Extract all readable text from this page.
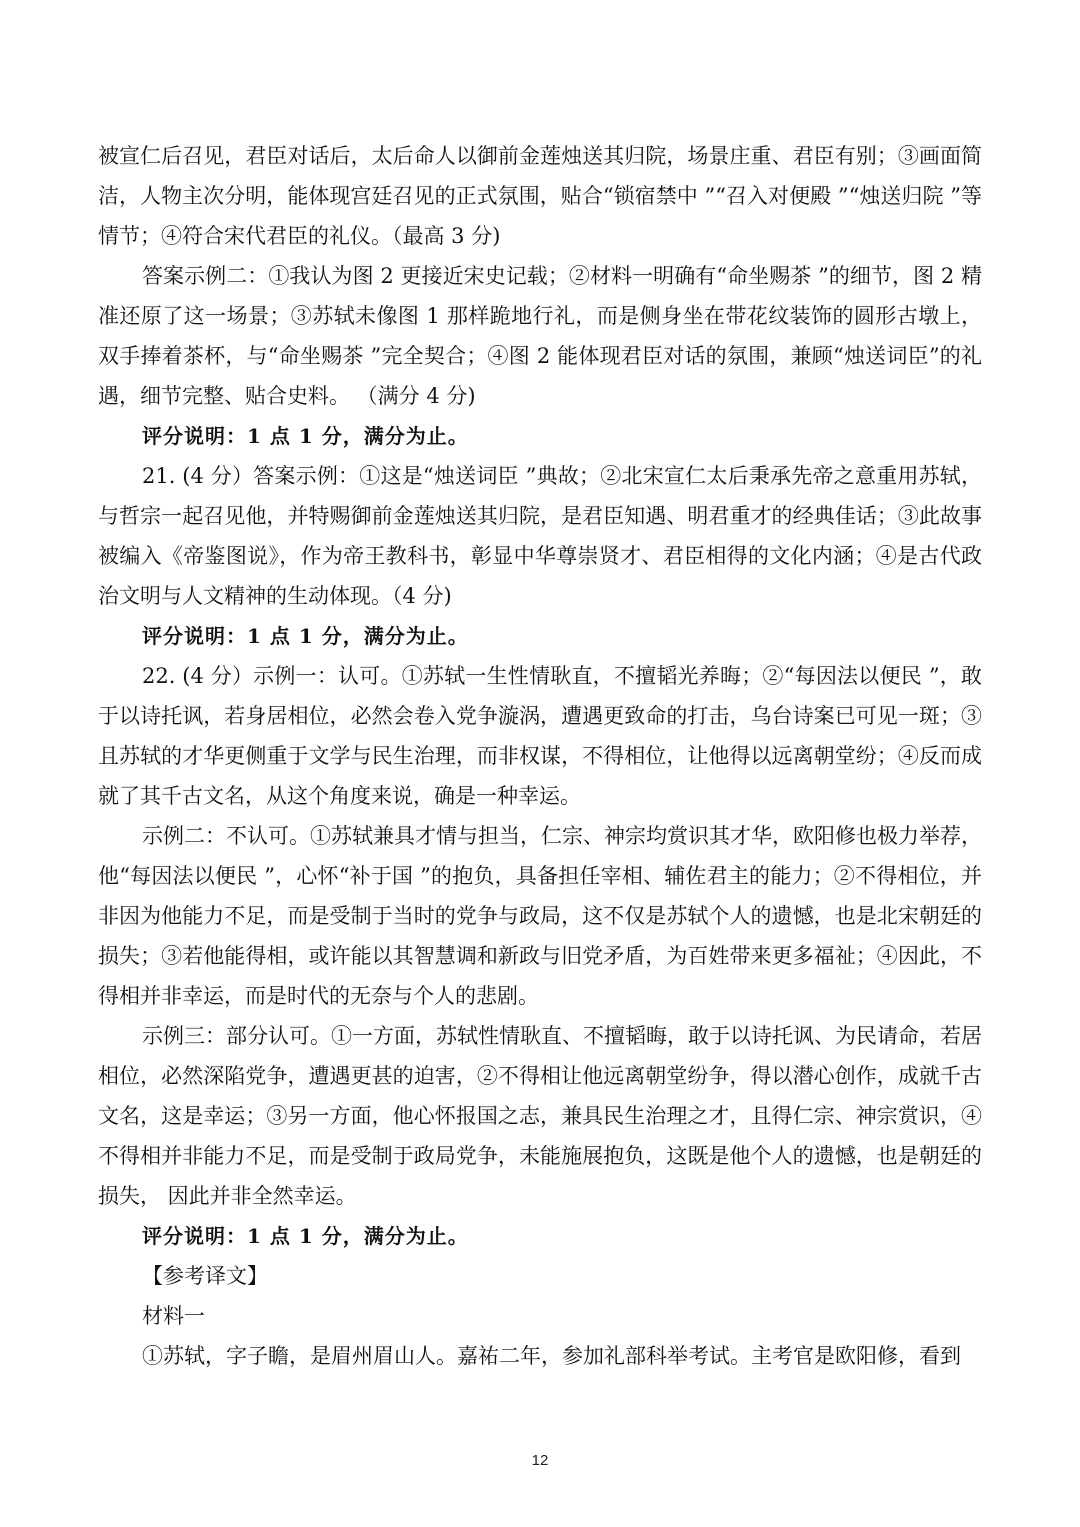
被宣仁后召见，君臣对话后，太后命人以御前金莲烛送其归院，场景庄重、君臣有别；③画面简洁，人物主次分明，能体现宫廷召见的正式氛围，贴合“锁宿禁中 ”“召入对便殿 ”“烛送归院 ”等情节；④符合宋代君臣的礼仪。（最高 3 分)

答案示例二：①我认为图 2 更接近宋史记载；②材料一明确有“命坐赐茶 ”的细节，图 2 精准还原了这一场景；③苏轼未像图 1 那样跪地行礼，而是侧身坐在带花纹装饰的圆形古墩上，双手捧着茶杯，与“命坐赐茶 ”完全契合；④图 2 能体现君臣对话的氛围，兼顾“烛送词臣”的礼遇，细节完整、贴合史料。 （满分 4 分)

评分说明：1 点 1 分，满分为止。

21. (4 分）答案示例：①这是“烛送词臣 ”典故；②北宋宣仁太后秉承先帝之意重用苏轼，与哲宗一起召见他，并特赐御前金莲烛送其归院，是君臣知遇、明君重才的经典佳话；③此故事被编入《帝鉴图说》，作为帝王教科书，彰显中华尊崇贤才、君臣相得的文化内涵；④是古代政治文明与人文精神的生动体现。（4 分)

评分说明：1 点 1 分，满分为止。

22. (4 分）示例一：认可。①苏轼一生性情耿直，不擅韬光养晦；②“每因法以便民 ”，敢于以诗托讽，若身居相位，必然会卷入党争漩涡，遭遇更致命的打击，乌台诗案已可见一斑；③且苏轼的才华更侧重于文学与民生治理，而非权谋，不得相位，让他得以远离朝堂纷；④反而成就了其千古文名，从这个角度来说，确是一种幸运。

示例二：不认可。①苏轼兼具才情与担当，仁宗、神宗均赏识其才华，欧阳修也极力举荐，他“每因法以便民 ”，心怀“补于国 ”的抱负，具备担任宰相、辅佐君主的能力；②不得相位，并非因为他能力不足，而是受制于当时的党争与政局，这不仅是苏轼个人的遗憾，也是北宋朝廷的损失；③若他能得相，或许能以其智慧调和新政与旧党矛盾，为百姓带来更多福祉；④因此，不得相并非幸运，而是时代的无奈与个人的悲剧。

示例三：部分认可。①一方面，苏轼性情耿直、不擅韬晦，敢于以诗托讽、为民请命，若居相位，必然深陷党争，遭遇更甚的迫害，②不得相让他远离朝堂纷争，得以潜心创作，成就千古文名，这是幸运；③另一方面，他心怀报国之志，兼具民生治理之才，且得仁宗、神宗赏识，④不得相并非能力不足，而是受制于政局党争，未能施展抱负，这既是他个人的遗憾，也是朝廷的损失， 因此并非全然幸运。

评分说明：1 点 1 分，满分为止。

【参考译文】

材料一

①苏轼，字子瞻，是眉州眉山人。嘉祐二年，参加礼部科举考试。主考官是欧阳修，看到

12
